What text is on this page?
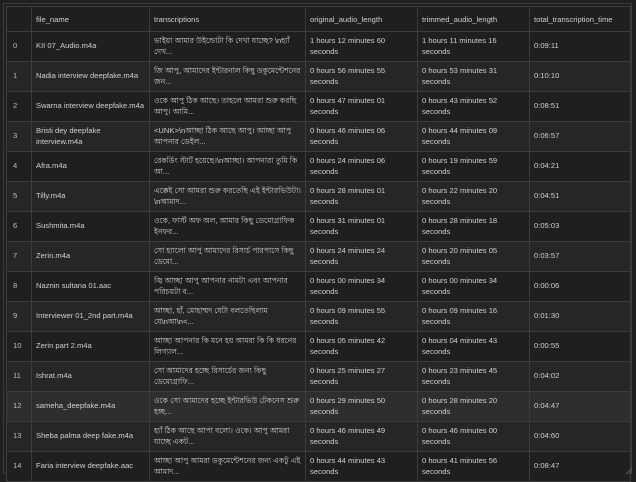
	file_name	transcriptions	original_audio_length	trimmed_audio_length	total_transcription_time
0	KII 07_Audio.m4a	ভাইয়া আমার উইন্ডোটা কি দেখা যাচ্ছে? \nহ্যাঁ দেখ...	1 hours 12 minutes 60 seconds	1 hours 11 minutes 16 seconds	0:09:11
1	Nadia interview deepfake.m4a	জি আপু, আমাদের ইন্টারনাল কিছু ডকুমেন্টেশনের জন...	0 hours 56 minutes 55 seconds	0 hours 53 minutes 31 seconds	0:10:10
2	Swarna interview deepfake.m4a	ওকে আপু ঠিক আছে। তাহলে আমরা শুরু করছি আপু। আমি...	0 hours 47 minutes 01 seconds	0 hours 43 minutes 52 seconds	0:08:51
3	Bristi dey deepfake interview.m4a	<UNK>\nআচ্ছা ঠিক আছে আপু। আচ্ছা আপু আপনার ডেইল...	0 hours 46 minutes 06 seconds	0 hours 44 minutes 09 seconds	0:06:57
4	Afra.m4a	রেকর্ডিং স্টার্ট হয়েছে।\nআচ্ছা। আপনারা তুমি কি আ...	0 hours 24 minutes 06 seconds	0 hours 19 minutes 59 seconds	0:04:21
5	Tilly.m4a	এক্কেই সো আমরা শুরু করতেছি এই ইন্টারভিউটা।\nআমাদ...	0 hours 28 minutes 01 seconds	0 hours 22 minutes 20 seconds	0:04:51
6	Sushmita.m4a	ওকে, ফার্স্ট অফ অল, আমার কিছু ডেমোগ্রাফিক ইনফর...	0 hours 31 minutes 01 seconds	0 hours 28 minutes 18 seconds	0:05:03
7	Zerin.m4a	সো হ্যালো আপু আমাদের রিসার্চ পারপাসে কিছু ডেমো...	0 hours 24 minutes 24 seconds	0 hours 20 minutes 05 seconds	0:03:57
8	Naznin sultana 01.aac	জ্বি আচ্ছা আপু আপনার নামটা এবং আপনার পরিচয়টা ব...	0 hours 00 minutes 34 seconds	0 hours 00 minutes 34 seconds	0:00:06
9	Interviewer 01_2nd part.m4a	আচ্ছা, হাঁ, মোহাম্মদ যেটা বলতেছিলাম যে\nআ\n<...	0 hours 09 minutes 55 seconds	0 hours 09 minutes 16 seconds	0:01:30
10	Zerin part 2.m4a	আচ্ছা আপনার কি মনে হয় আমরা কি কি ধরনের লিগ্যাল...	0 hours 05 minutes 42 seconds	0 hours 04 minutes 43 seconds	0:00:55
11	Ishrat.m4a	সো আমাদের হচ্ছে রিসার্চের জন্য কিছু ডেমোগ্রাফি...	0 hours 25 minutes 27 seconds	0 hours 23 minutes 45 seconds	0:04:02
12	sameha_deepfake.m4a	ওকে সো আমাদের হচ্ছে ইন্টারভিউ টেকনেস শুরু হচ্ছ...	0 hours 29 minutes 50 seconds	0 hours 28 minutes 20 seconds	0:04:47
13	Sheba palma deep fake.m4a	হ্যাঁ ঠিক আছে আপা বলো। ওকে। আপু আমরা যাচ্ছে একট...	0 hours 46 minutes 49 seconds	0 hours 46 minutes 00 seconds	0:04:60
14	Faria interview deepfake.aac	আচ্ছা আপু আমরা ডকুমেন্টেশনের জন্য একটু এই আমাদ...	0 hours 44 minutes 43 seconds	0 hours 41 minutes 56 seconds	0:08:47
